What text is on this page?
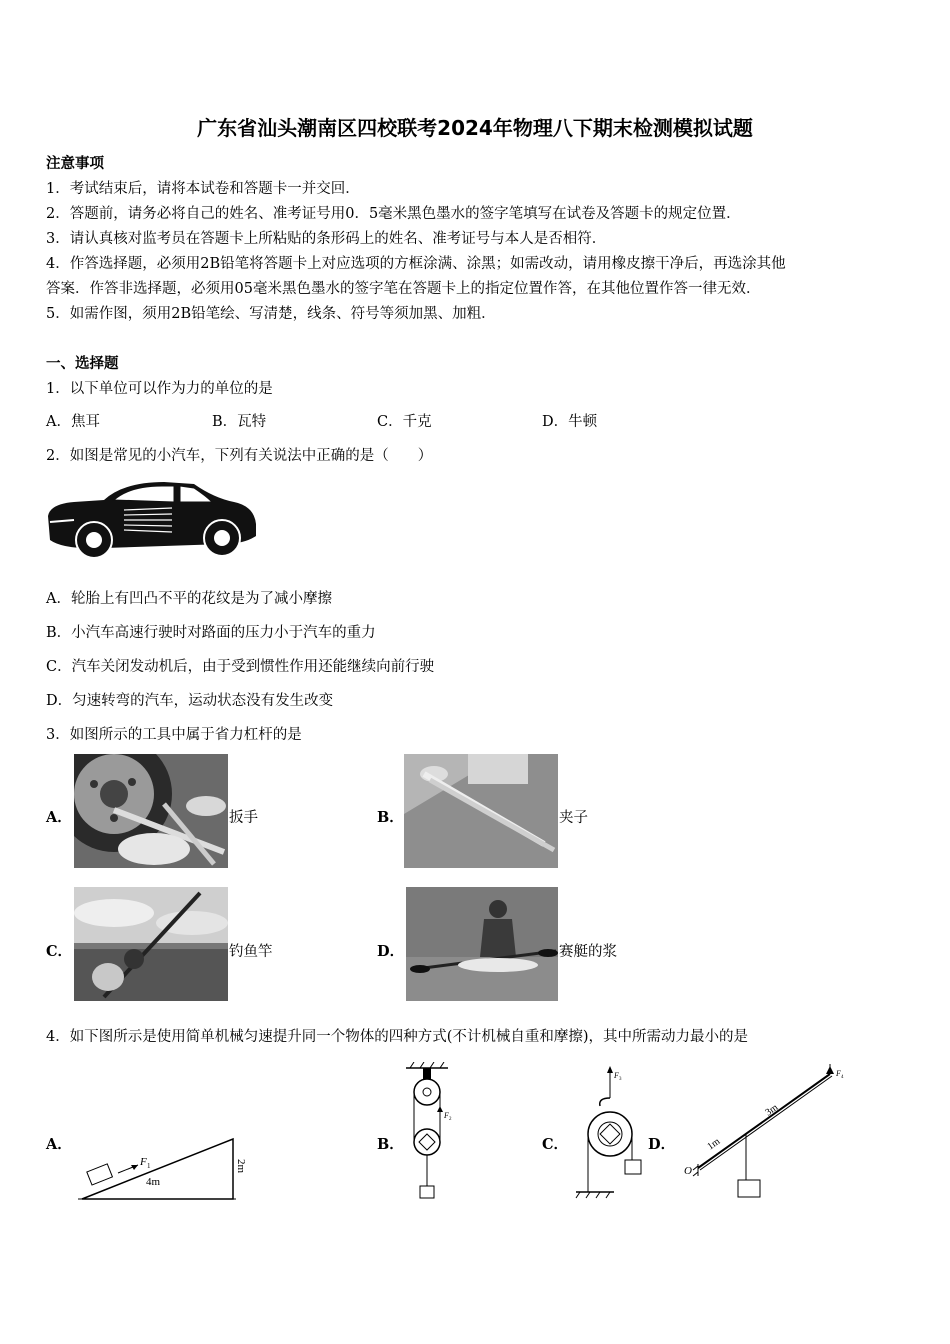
广东省汕头潮南区四校联考2024年物理八下期末检测模拟试题
注意事项
1．考试结束后，请将本试卷和答题卡一并交回．
2．答题前，请务必将自己的姓名、准考证号用0．5毫米黑色墨水的签字笔填写在试卷及答题卡的规定位置．
3．请认真核对监考员在答题卡上所粘贴的条形码上的姓名、准考证号与本人是否相符．
4．作答选择题，必须用2B铅笔将答题卡上对应选项的方框涂满、涂黑；如需改动，请用橡皮擦干净后，再选涂其他
答案．作答非选择题，必须用05毫米黑色墨水的签字笔在答题卡上的指定位置作答，在其他位置作答一律无效．
5．如需作图，须用2B铅笔绘、写清楚，线条、符号等须加黑、加粗．
一、选择题
1．以下单位可以作为力的单位的是
A．焦耳	B．瓦特	C．千克	D．牛顿
2．如图是常见的小汽车，下列有关说法中正确的是（　　）
A．轮胎上有凹凸不平的花纹是为了减小摩擦
B．小汽车高速行驶时对路面的压力小于汽车的重力
C．汽车关闭发动机后，由于受到惯性作用还能继续向前行驶
D．匀速转弯的汽车，运动状态没有发生改变
3．如图所示的工具中属于省力杠杆的是
A．	扳手	B．	夹子
C．	钓鱼竿	D．	赛艇的浆
4．如下图所示是使用简单机械匀速提升同一个物体的四种方式(不计机械自重和摩擦)，其中所需动力最小的是
A．	B．	C．	D．
F 1
4m
2m
F 2
F 3
O
F 4
1m
3m
